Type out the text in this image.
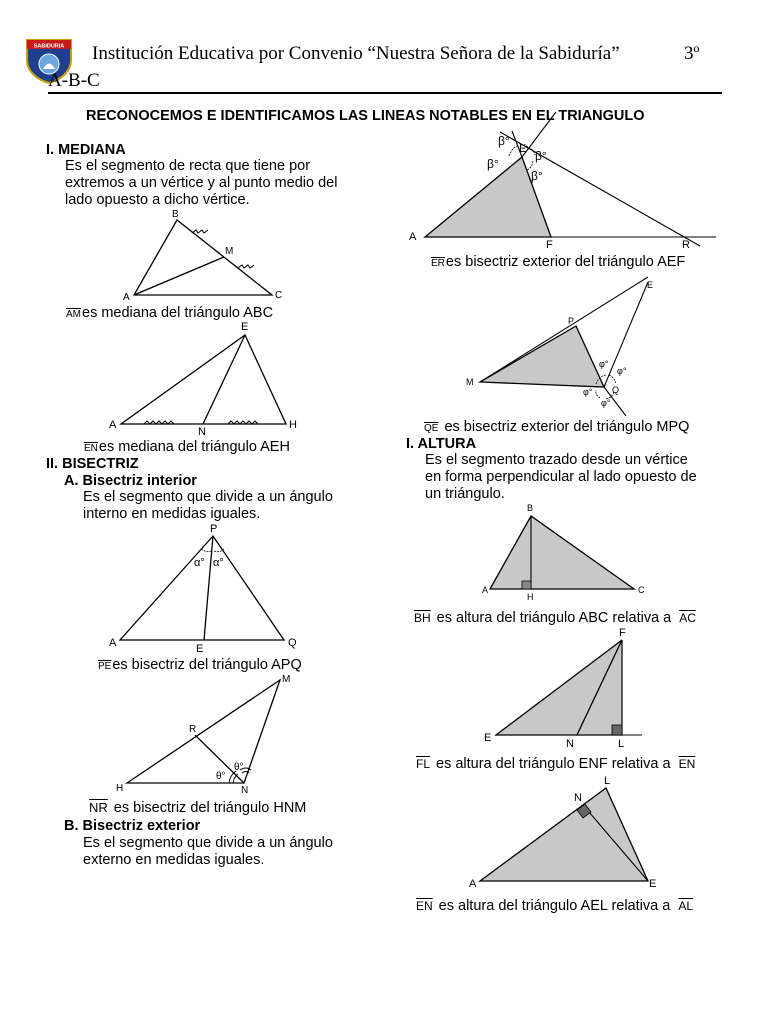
SABIDURIA Institución Educativa por Convenio “Nuestra Señora de la Sabiduría”	3º
A-B-C
RECONOCEMOS E IDENTIFICAMOS LAS LINEAS NOTABLES EN EL TRIANGULO
I. MEDIANA
Es el segmento de recta que tiene por
extremos a un vértice y al punto medio del
lado opuesto a dicho vértice.
B
M
A	C
$\overline{AM}es$ mediana del triángulo ABC
E
A
N
H
$\overline{EN}es$ mediana del triángulo AEH
II. BISECTRIZ
A. Bisectriz interior
Es el segmento que divide a un ángulo
interno en medidas iguales.
P
α° α°
A	E	Q
$\overline{PE}es$ bisectriz del triángulo APQ
M
R
θ°
θ°
H	N
$\overline{NR}$ es bisectriz del triángulo HNM
B. Bisectriz exterior
Es el segmento que divide a un ángulo
externo en medidas iguales.
β°
E β°
β°
β°
A
F	R
$\overline{ER}es$ bisectriz exterior del triángulo AEF
E
P
φ°
φ°
M
φ° Q
φ°
$\overline{QE}$ es bisectriz exterior del triángulo MPQ
I. ALTURA
Es el segmento trazado desde un vértice
en forma perpendicular al lado opuesto de
un triángulo.
B
A
H
C
$\overline{BH}$ es altura del triángulo ABC relativa a $\overline{AC}$
F
E	N	L
$\overline{FL}$ es altura del triángulo ENF relativa a $\overline{EN}$
L
N
A	E
$\overline{EN}$ es altura del triángulo AEL relativa a $\overline{AL}$
